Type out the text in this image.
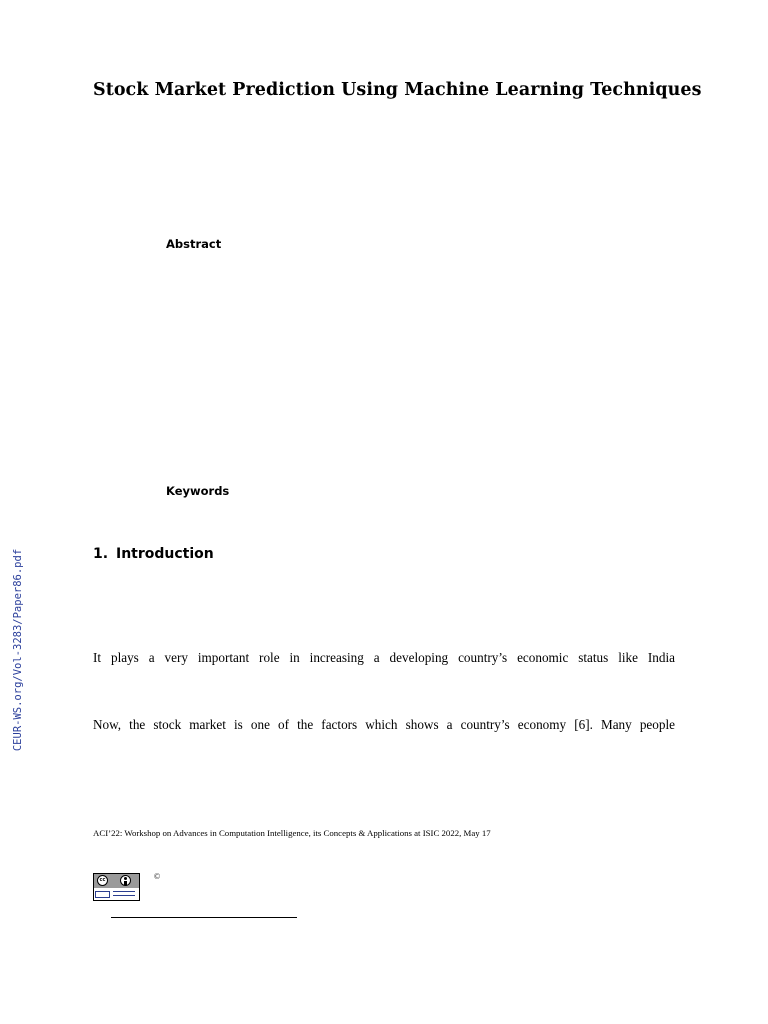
CEUR-WS.org/Vol-3283/Paper86.pdf
Stock Market Prediction Using Machine Learning Techniques
Abstract
Keywords
1. Introduction
It plays a very important role in increasing a developing country’s economic status like India
Now, the stock market is one of the factors which shows a country’s economy [6]. Many people
ACI’22: Workshop on Advances in Computation Intelligence, its Concepts & Applications at ISIC 2022, May 17
cc	©
